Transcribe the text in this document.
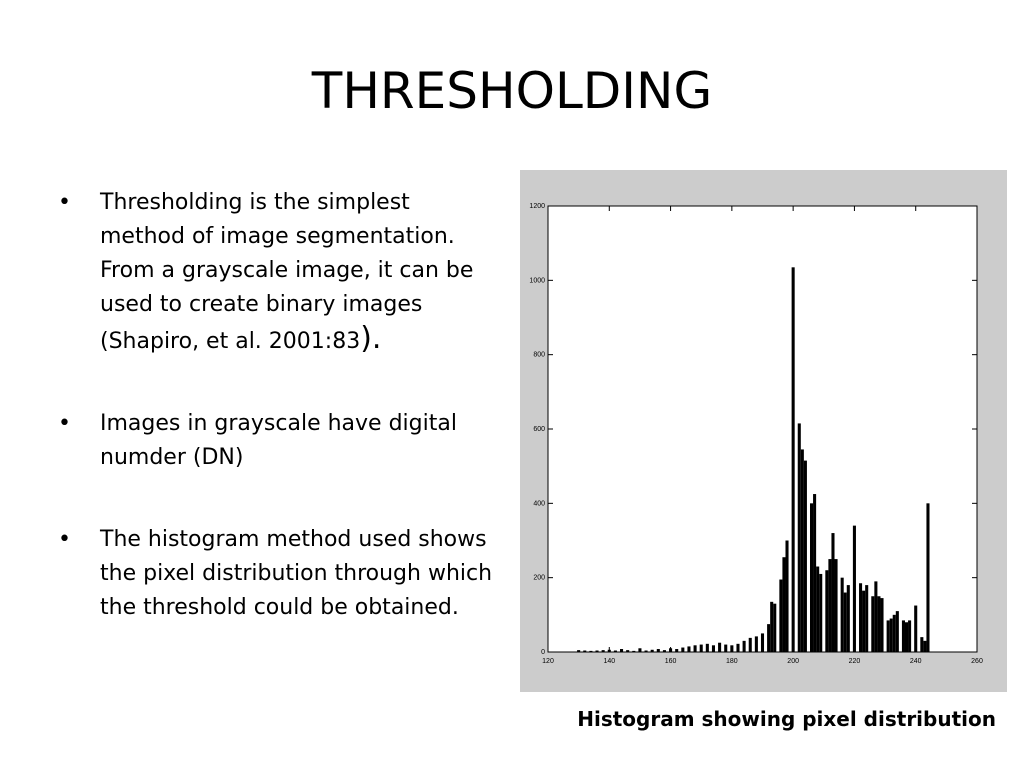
THRESHOLDING
• Thresholding is the simplest method of image segmentation. From a grayscale image, it can be used to create binary images (Shapiro, et al. 2001:83).
• Images in grayscale have digital numder (DN)
• The histogram method used shows the pixel distribution through which the threshold could be obtained.
120	140	160	180	200	220	240	260
0
200
400
600
800
1000
1200
Histogram showing pixel distribution
